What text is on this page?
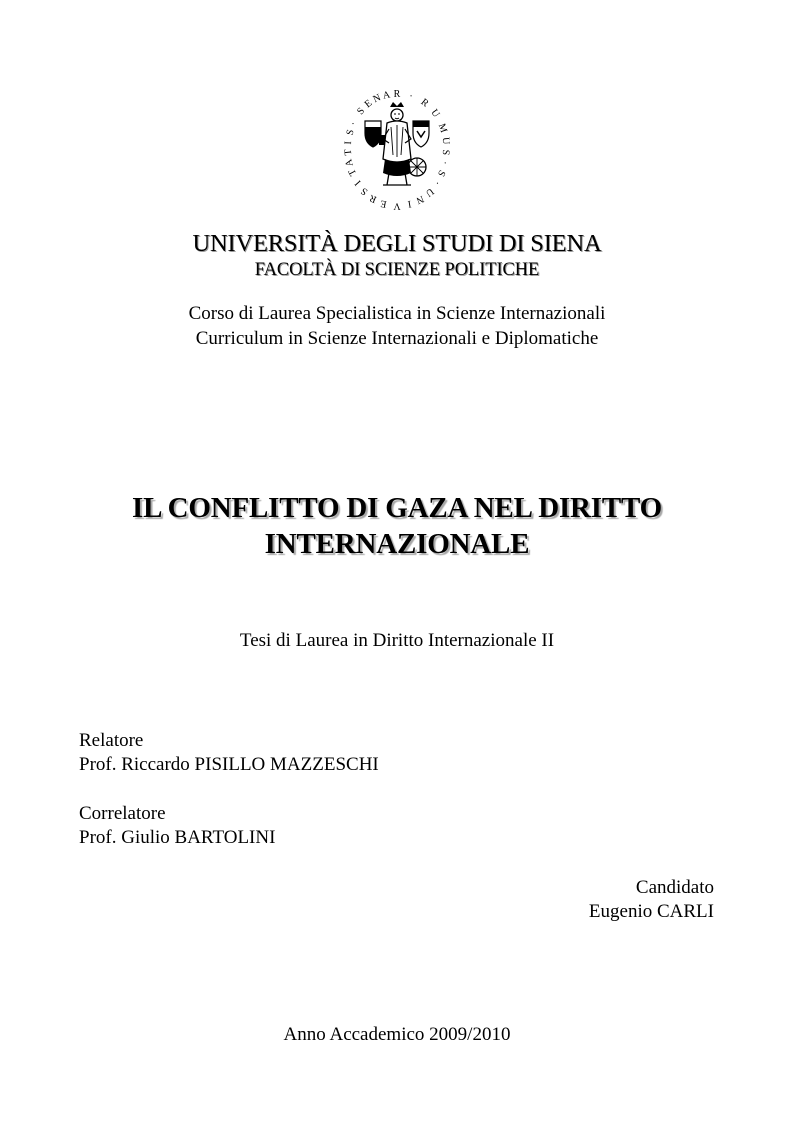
R
A
N
E
S
·
S
I
T
A
T
I
S
R E V I N
U
·
S
·
S
U
M
U
R
·
UNIVERSITÀ DEGLI STUDI DI SIENA
FACOLTÀ DI SCIENZE POLITICHE
Corso di Laurea Specialistica in Scienze Internazionali
Curriculum in Scienze Internazionali e Diplomatiche
IL CONFLITTO DI GAZA NEL DIRITTO
INTERNAZIONALE
Tesi di Laurea in Diritto Internazionale II
Relatore
Prof. Riccardo PISILLO MAZZESCHI
Correlatore
Prof. Giulio BARTOLINI
Candidato
Eugenio CARLI
Anno Accademico 2009/2010
